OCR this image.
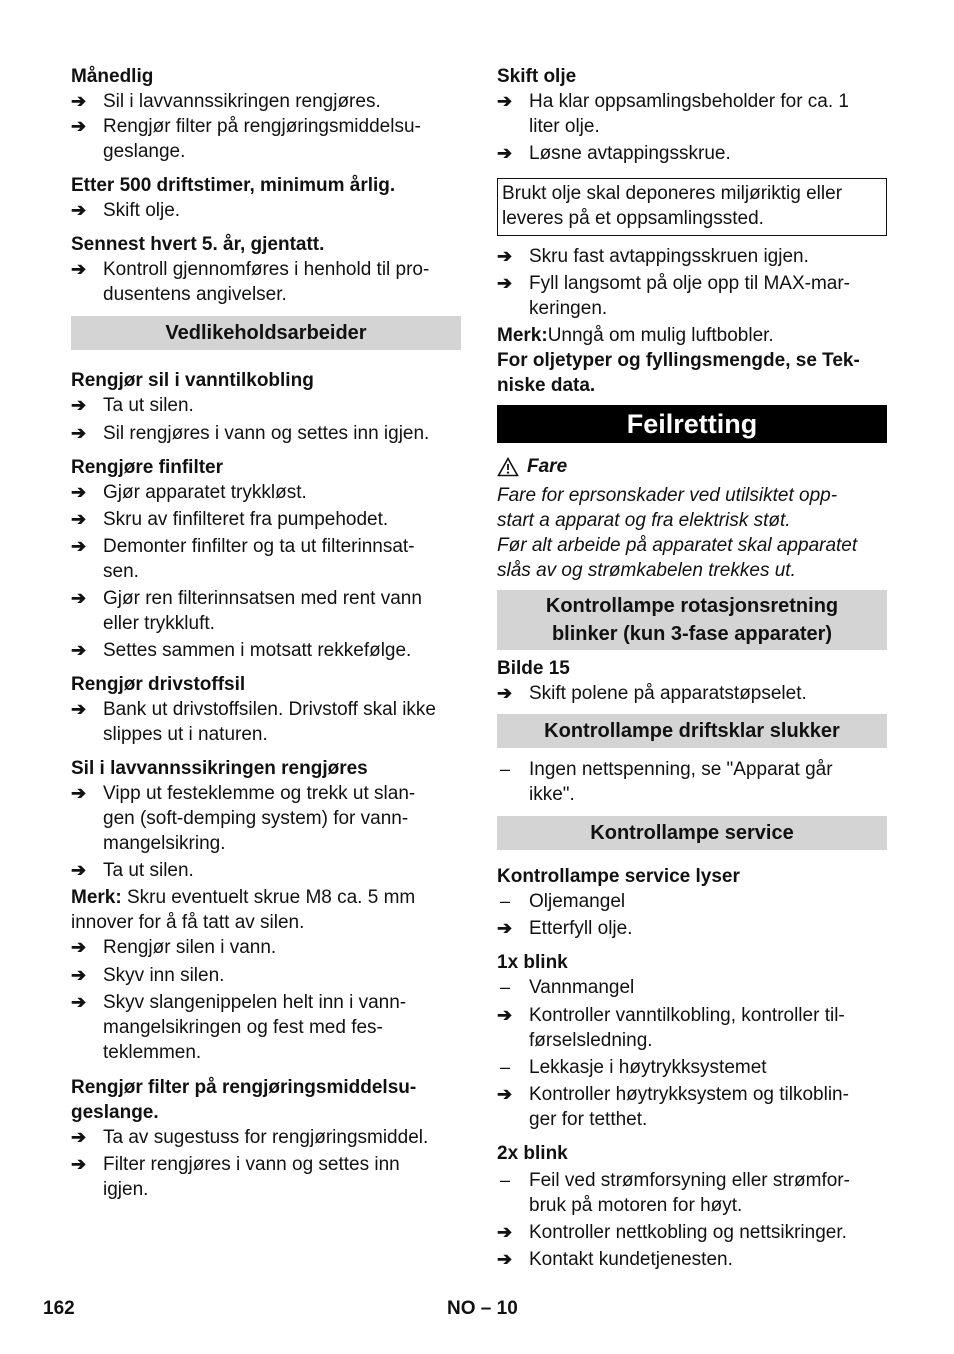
Månedlig

➔ Sil i lavvannssikringen rengjøres.
➔ Rengjør filter på rengjøringsmiddelsu-
geslange.

Etter 500 driftstimer, minimum årlig.

➔ Skift olje.

Sennest hvert 5. år, gjentatt.

➔ Kontroll gjennomføres i henhold til pro-
dusentens angivelser.
Vedlikeholdsarbeider

Rengjør sil i vanntilkobling

➔ Ta ut silen.
➔ Sil rengjøres i vann og settes inn igjen.

Rengjøre finfilter

➔ Gjør apparatet trykkløst.
➔ Skru av finfilteret fra pumpehodet.
➔ Demonter finfilter og ta ut filterinnsat-
sen.
➔ Gjør ren filterinnsatsen med rent vann
eller trykkluft.
➔ Settes sammen i motsatt rekkefølge.

Rengjør drivstoffsil

➔ Bank ut drivstoffsilen. Drivstoff skal ikke
slippes ut i naturen.

Sil i lavvannssikringen rengjøres

➔ Vipp ut festeklemme og trekk ut slan-
gen (soft-demping system) for vann-
mangelsikring.
➔ Ta ut silen.

Merk: Skru eventuelt skrue M8 ca. 5 mm innover for å få tatt av silen.

➔ Rengjør silen i vann.
➔ Skyv inn silen.
➔ Skyv slangenippelen helt inn i vann-
mangelsikringen og fest med fes-
teklemmen.

Rengjør filter på rengjøringsmiddelsu-
geslange.

➔ Ta av sugestuss for rengjøringsmiddel.
➔ Filter rengjøres i vann og settes inn
igjen.

Skift olje

➔ Ha klar oppsamlingsbeholder for ca. 1
liter olje.
➔ Løsne avtappingsskrue.
Brukt olje skal deponeres miljøriktig eller leveres på et oppsamlingssted.
➔ Skru fast avtappingsskruen igjen.
➔ Fyll langsomt på olje opp til MAX-mar-
keringen.

Merk:Unngå om mulig luftbobler.

For oljetyper og fyllingsmengde, se Tek-
niske data.

Feilretting
Fare

Fare for eprsonskader ved utilsiktet opp-
start a apparat og fra elektrisk støt.

Før alt arbeide på apparatet skal apparatet
slås av og strømkabelen trekkes ut.

Kontrollampe rotasjonsretning
blinker (kun 3-fase apparater)

Bilde 15

➔ Skift polene på apparatstøpselet.
Kontrollampe driftsklar slukker
– Ingen nettspenning, se "Apparat går
ikke".
Kontrollampe service

Kontrollampe service lyser

– Oljemangel
➔ Etterfyll olje.

1x blink

– Vannmangel
➔ Kontroller vanntilkobling, kontroller til-
førselsledning.
– Lekkasje i høytrykksystemet
➔ Kontroller høytrykksystem og tilkoblin-
ger for tetthet.

2x blink

– Feil ved strømforsyning eller strømfor-
bruk på motoren for høyt.
➔ Kontroller nettkobling og nettsikringer.
➔ Kontakt kundetjenesten.
162	NO – 10
